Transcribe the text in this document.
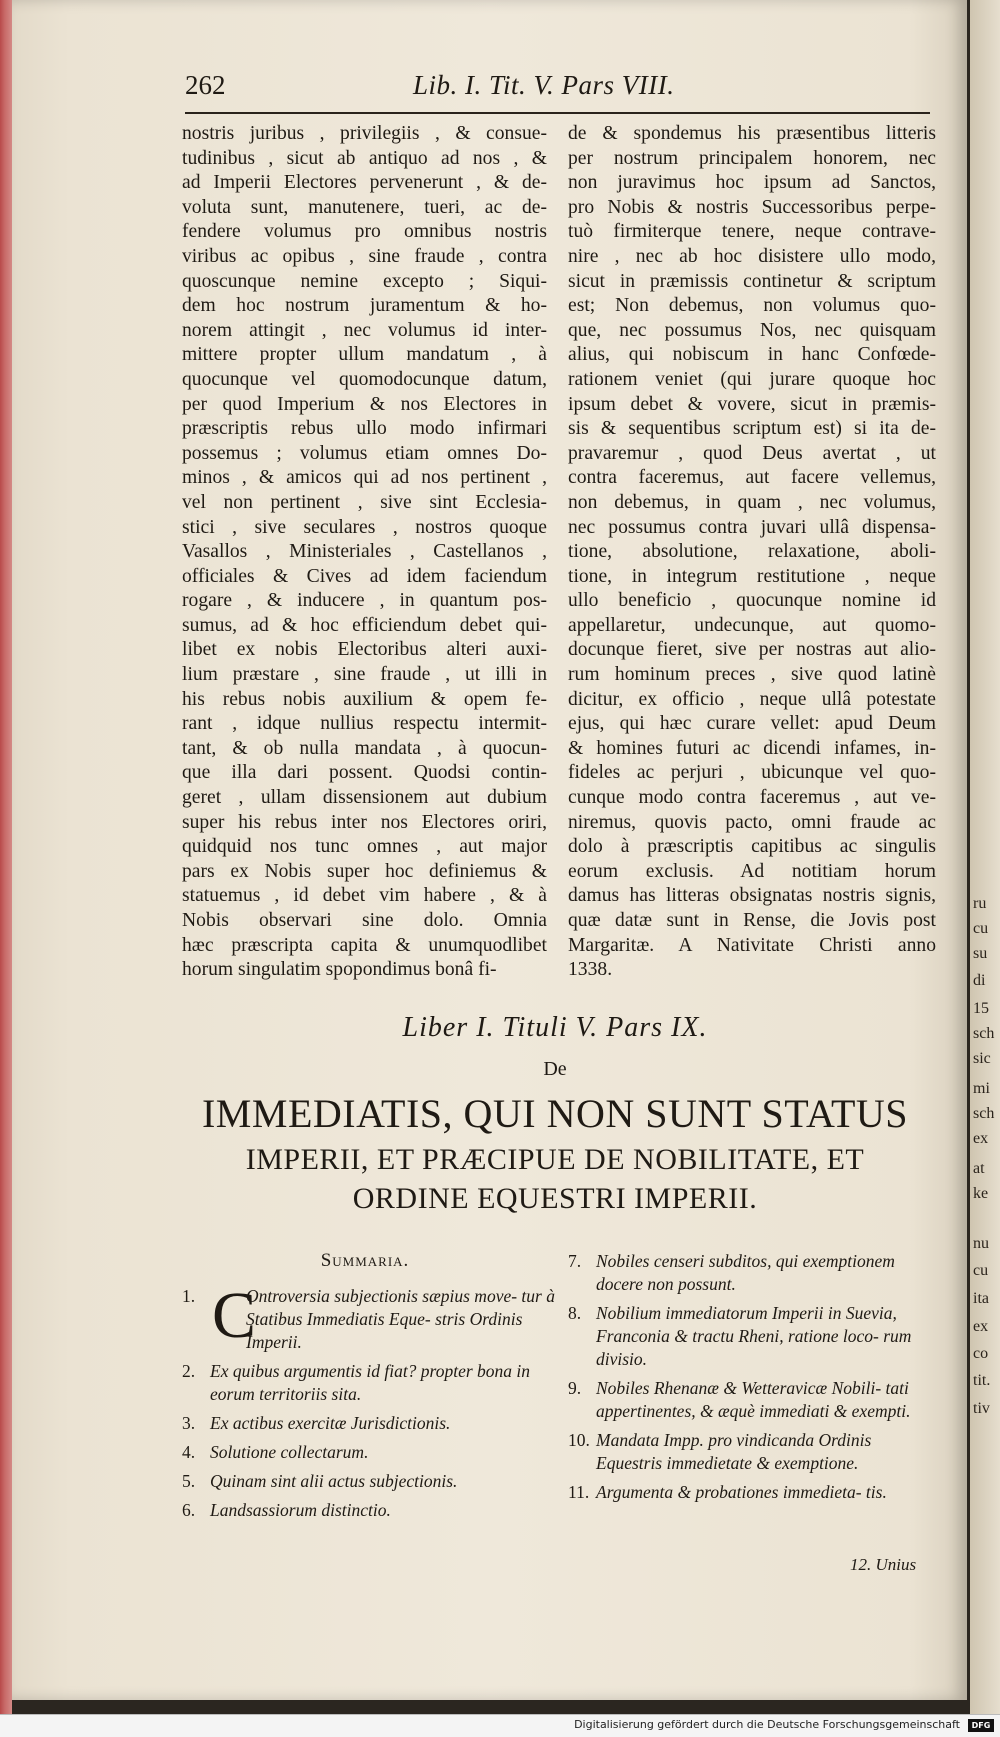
262	Lib. I. Tit. V. Pars VIII.
nostris juribus , privilegiis , & consue-
tudinibus , sicut ab antiquo ad nos , &
ad Imperii Electores pervenerunt , & de-
voluta sunt, manutenere, tueri, ac de-
fendere volumus pro omnibus nostris
viribus ac opibus , sine fraude , contra
quoscunque nemine excepto ; Siqui-
dem hoc nostrum juramentum & ho-
norem attingit , nec volumus id inter-
mittere propter ullum mandatum , à
quocunque vel quomodocunque datum,
per quod Imperium & nos Electores in
præscriptis rebus ullo modo infirmari
possemus ; volumus etiam omnes Do-
minos , & amicos qui ad nos pertinent ,
vel non pertinent , sive sint Ecclesia-
stici , sive seculares , nostros quoque
Vasallos , Ministeriales , Castellanos ,
officiales & Cives ad idem faciendum
rogare , & inducere , in quantum pos-
sumus, ad & hoc efficiendum debet qui-
libet ex nobis Electoribus alteri auxi-
lium præstare , sine fraude , ut illi in
his rebus nobis auxilium & opem fe-
rant , idque nullius respectu intermit-
tant, & ob nulla mandata , à quocun-
que illa dari possent. Quodsi contin-
geret , ullam dissensionem aut dubium
super his rebus inter nos Electores oriri,
quidquid nos tunc omnes , aut major
pars ex Nobis super hoc definiemus &
statuemus , id debet vim habere , & à
Nobis observari sine dolo. Omnia
hæc præscripta capita & unumquodlibet
horum singulatim spopondimus bonâ fi-
de & spondemus his præsentibus litteris
per nostrum principalem honorem, nec
non juravimus hoc ipsum ad Sanctos,
pro Nobis & nostris Successoribus perpe-
tuò firmiterque tenere, neque contrave-
nire , nec ab hoc disistere ullo modo,
sicut in præmissis continetur & scriptum
est; Non debemus, non volumus quo-
que, nec possumus Nos, nec quisquam
alius, qui nobiscum in hanc Confœde-
rationem veniet (qui jurare quoque hoc
ipsum debet & vovere, sicut in præmis-
sis & sequentibus scriptum est) si ita de-
pravaremur , quod Deus avertat , ut
contra faceremus, aut facere vellemus,
non debemus, in quam , nec volumus,
nec possumus contra juvari ullâ dispensa-
tione, absolutione, relaxatione, aboli-
tione, in integrum restitutione , neque
ullo beneficio , quocunque nomine id
appellaretur, undecunque, aut quomo-
docunque fieret, sive per nostras aut alio-
rum hominum preces , sive quod latinè
dicitur, ex officio , neque ullâ potestate
ejus, qui hæc curare vellet: apud Deum
& homines futuri ac dicendi infames, in-
fideles ac perjuri , ubicunque vel quo-
cunque modo contra faceremus , aut ve-
niremus, quovis pacto, omni fraude ac
dolo à præscriptis capitibus ac singulis
eorum exclusis. Ad notitiam horum
damus has litteras obsignatas nostris signis,
quæ datæ sunt in Rense, die Jovis post
Margaritæ. A Nativitate Christi anno
1338.
Liber I. Tituli V. Pars IX.
De
IMMEDIATIS, QUI NON SUNT STATUS
IMPERII, ET PRÆCIPUE DE NOBILITATE, ET
ORDINE EQUESTRI IMPERII.
Summaria.
1. C
Ontroversia subjectionis sæpius move- tur à Statibus Immediatis Eque- stris Ordinis Imperii.
2. Ex quibus argumentis id fiat? propter bona in eorum territoriis sita.
3. Ex actibus exercitæ Jurisdictionis.
4. Solutione collectarum.
5. Quinam sint alii actus subjectionis.
6. Landsassiorum distinctio.
7. Nobiles censeri subditos, qui exemptionem docere non possunt.
8. Nobilium immediatorum Imperii in Suevia, Franconia & tractu Rheni, ratione loco- rum divisio.
9. Nobiles Rhenanæ & Wetteravicæ Nobili- tati appertinentes, & æquè immediati & exempti.
10. Mandata Impp. pro vindicanda Ordinis Equestris immedietate & exemptione.
11. Argumenta & probationes immedieta- tis.
12. Unius
ru
cu
su
di
15
sch
sic
mi
sch
ex
at
ke
nu
cu
ita
ex
co
tit.
tiv
Digitalisierung gefördert durch die Deutsche Forschungsgemeinschaft	DFG
